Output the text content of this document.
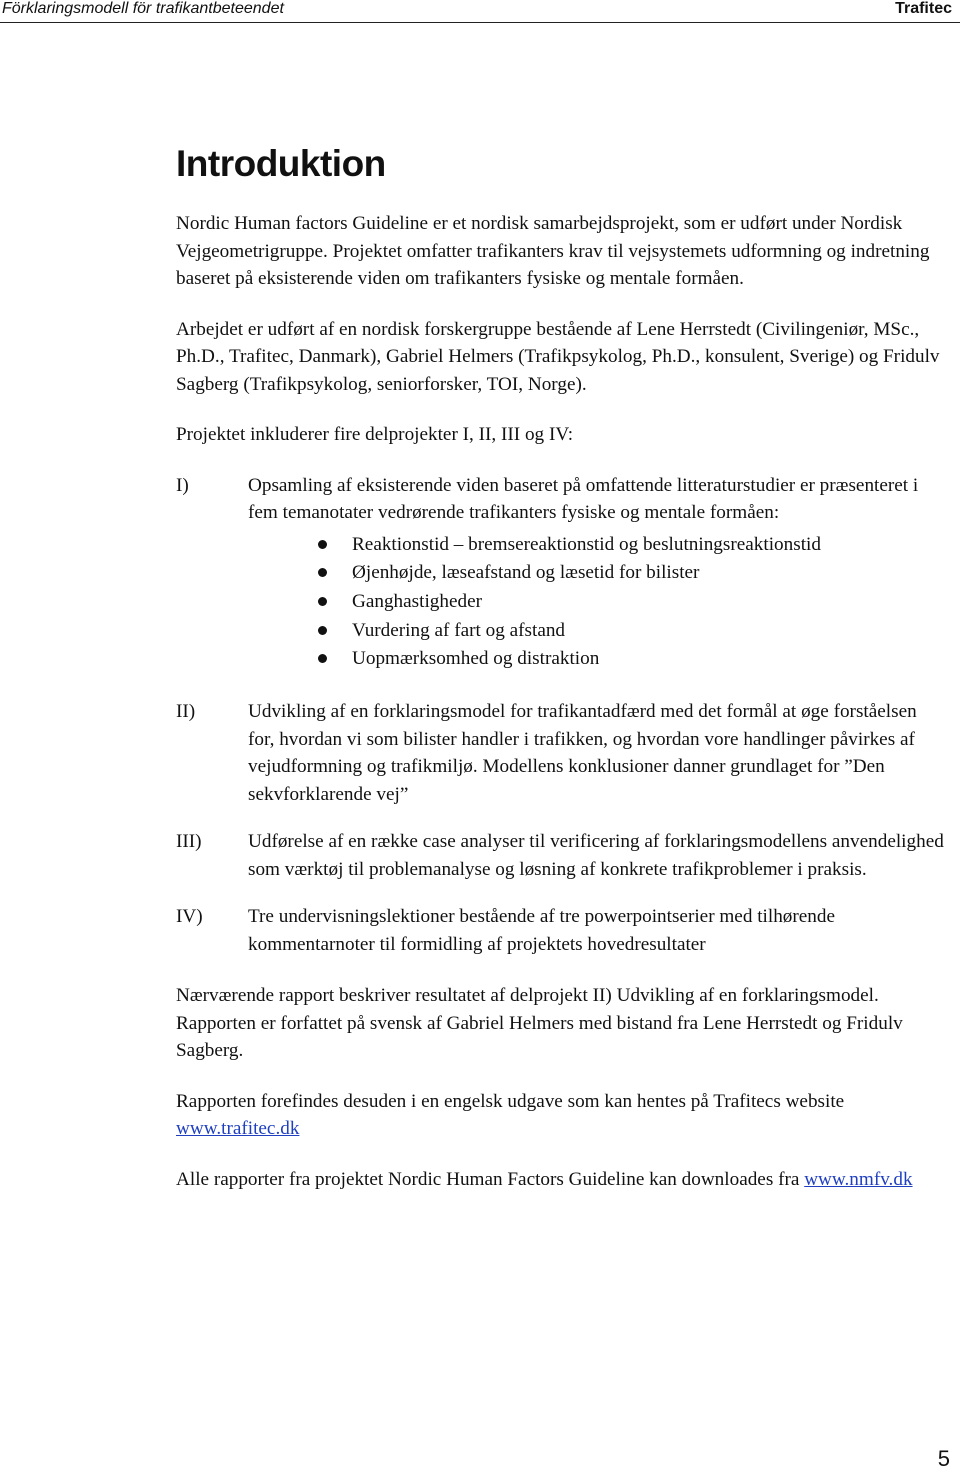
Förklaringsmodell för trafikantbeteendet	Trafitec
Introduktion

Nordic Human factors Guideline er et nordisk samarbejdsprojekt, som er udført under Nordisk Vejgeometrigruppe. Projektet omfatter trafikanters krav til vejsystemets udformning og indretning baseret på eksisterende viden om trafikanters fysiske og mentale formåen.

Arbejdet er udført af en nordisk forskergruppe bestående af Lene Herrstedt (Civilingeniør, MSc., Ph.D., Trafitec, Danmark), Gabriel Helmers (Trafikpsykolog, Ph.D., konsulent, Sverige) og Fridulv Sagberg (Trafikpsykolog, seniorforsker, TOI, Norge).

Projektet inkluderer fire delprojekter I, II, III og IV:

I)	Opsamling af eksisterende viden baseret på omfattende litteraturstudier er præsenteret i fem temanotater vedrørende trafikanters fysiske og mentale formåen:
Reaktionstid – bremsereaktionstid og beslutningsreaktionstid
Øjenhøjde, læseafstand og læsetid for bilister
Ganghastigheder
Vurdering af fart og afstand
Uopmærksomhed og distraktion
II)	Udvikling af en forklaringsmodel for trafikantadfærd med det formål at øge forståelsen for, hvordan vi som bilister handler i trafikken, og hvordan vore handlinger påvirkes af vejudformning og trafikmiljø. Modellens konklusioner danner grundlaget for ”Den sekvforklarende vej”
III)	Udførelse af en række case analyser til verificering af forklaringsmodellens anvendelighed som værktøj til problemanalyse og løsning af konkrete trafikproblemer i praksis.
IV)	Tre undervisningslektioner bestående af tre powerpointserier med tilhørende kommentarnoter til formidling af projektets hovedresultater

Nærværende rapport beskriver resultatet af delprojekt II) Udvikling af en forklaringsmodel. Rapporten er forfattet på svensk af Gabriel Helmers med bistand fra Lene Herrstedt og Fridulv Sagberg.

Rapporten forefindes desuden i en engelsk udgave som kan hentes på Trafitecs website www.trafitec.dk

Alle rapporter fra projektet Nordic Human Factors Guideline kan downloades fra www.nmfv.dk

5
